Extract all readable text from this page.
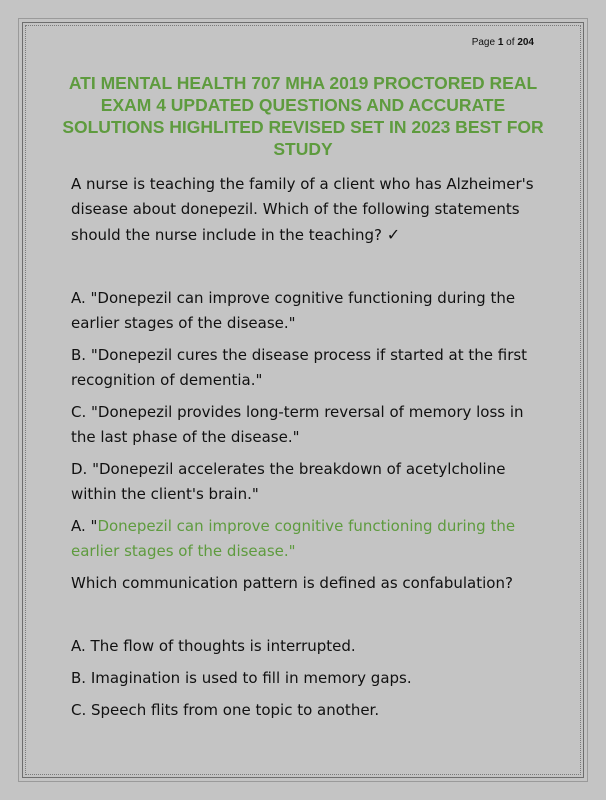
Page 1 of 204
ATI MENTAL HEALTH 707 MHA 2019 PROCTORED REAL EXAM 4 UPDATED QUESTIONS AND ACCURATE SOLUTIONS HIGHLITED REVISED SET IN 2023 BEST FOR STUDY

A nurse is teaching the family of a client who has Alzheimer's disease about donepezil. Which of the following statements should the nurse include in the teaching? ✓

A. "Donepezil can improve cognitive functioning during the earlier stages of the disease."

B. "Donepezil cures the disease process if started at the first recognition of dementia."

C. "Donepezil provides long-term reversal of memory loss in the last phase of the disease."

D. "Donepezil accelerates the breakdown of acetylcholine within the client's brain."

A. "Donepezil can improve cognitive functioning during the earlier stages of the disease."

Which communication pattern is defined as confabulation?

A. The flow of thoughts is interrupted.

B. Imagination is used to fill in memory gaps.

C. Speech flits from one topic to another.
